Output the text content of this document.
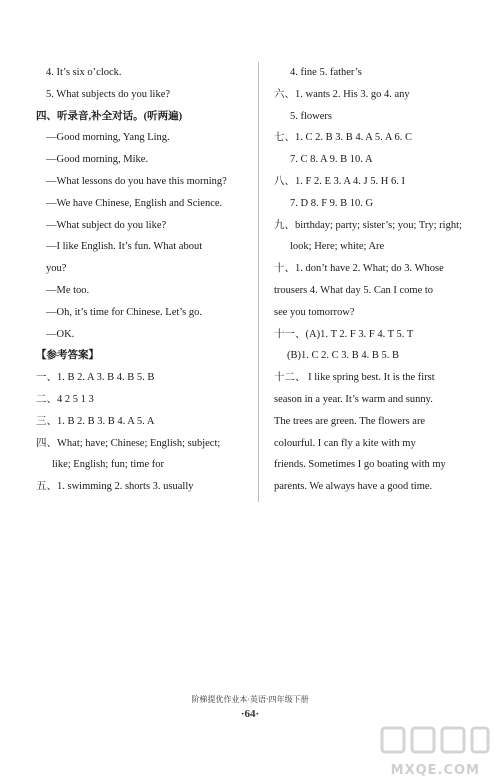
4. It’s six o’clock.
5. What subjects do you like?
四、听录音,补全对话。(听两遍)
—Good morning, Yang Ling.
—Good morning, Mike.
—What lessons do you have this morning?
—We have Chinese, English and Science.
—What subject do you like?
—I like English. It’s fun. What about
you?
—Me too.
—Oh, it’s time for Chinese. Let’s go.
—OK.
【参考答案】
一、1. B 2. A 3. B 4. B 5. B
二、4 2 5 1 3
三、1. B 2. B 3. B 4. A 5. A
四、What; have; Chinese; English; subject;
like; English; fun; time for
五、1. swimming 2. shorts 3. usually
4. fine 5. father’s
六、1. wants 2. His 3. go 4. any
5. flowers
七、1. C 2. B 3. B 4. A 5. A 6. C
7. C 8. A 9. B 10. A
八、1. F 2. E 3. A 4. J 5. H 6. I
7. D 8. F 9. B 10. G
九、birthday; party; sister’s; you; Try; right;
look; Here; white; Are
十、1. don’t have 2. What; do 3. Whose
trousers 4. What day 5. Can I come to
see you tomorrow?
十一、(A)1. T 2. F 3. F 4. T 5. T
(B)1. C 2. C 3. B 4. B 5. B
十二、 I like spring best. It is the first
season in a year. It’s warm and sunny.
The trees are green. The flowers are
colourful. I can fly a kite with my
friends. Sometimes I go boating with my
parents. We always have a good time.
阶梯提优作业本·英语·四年级下册
·64·
MXQE.COM
